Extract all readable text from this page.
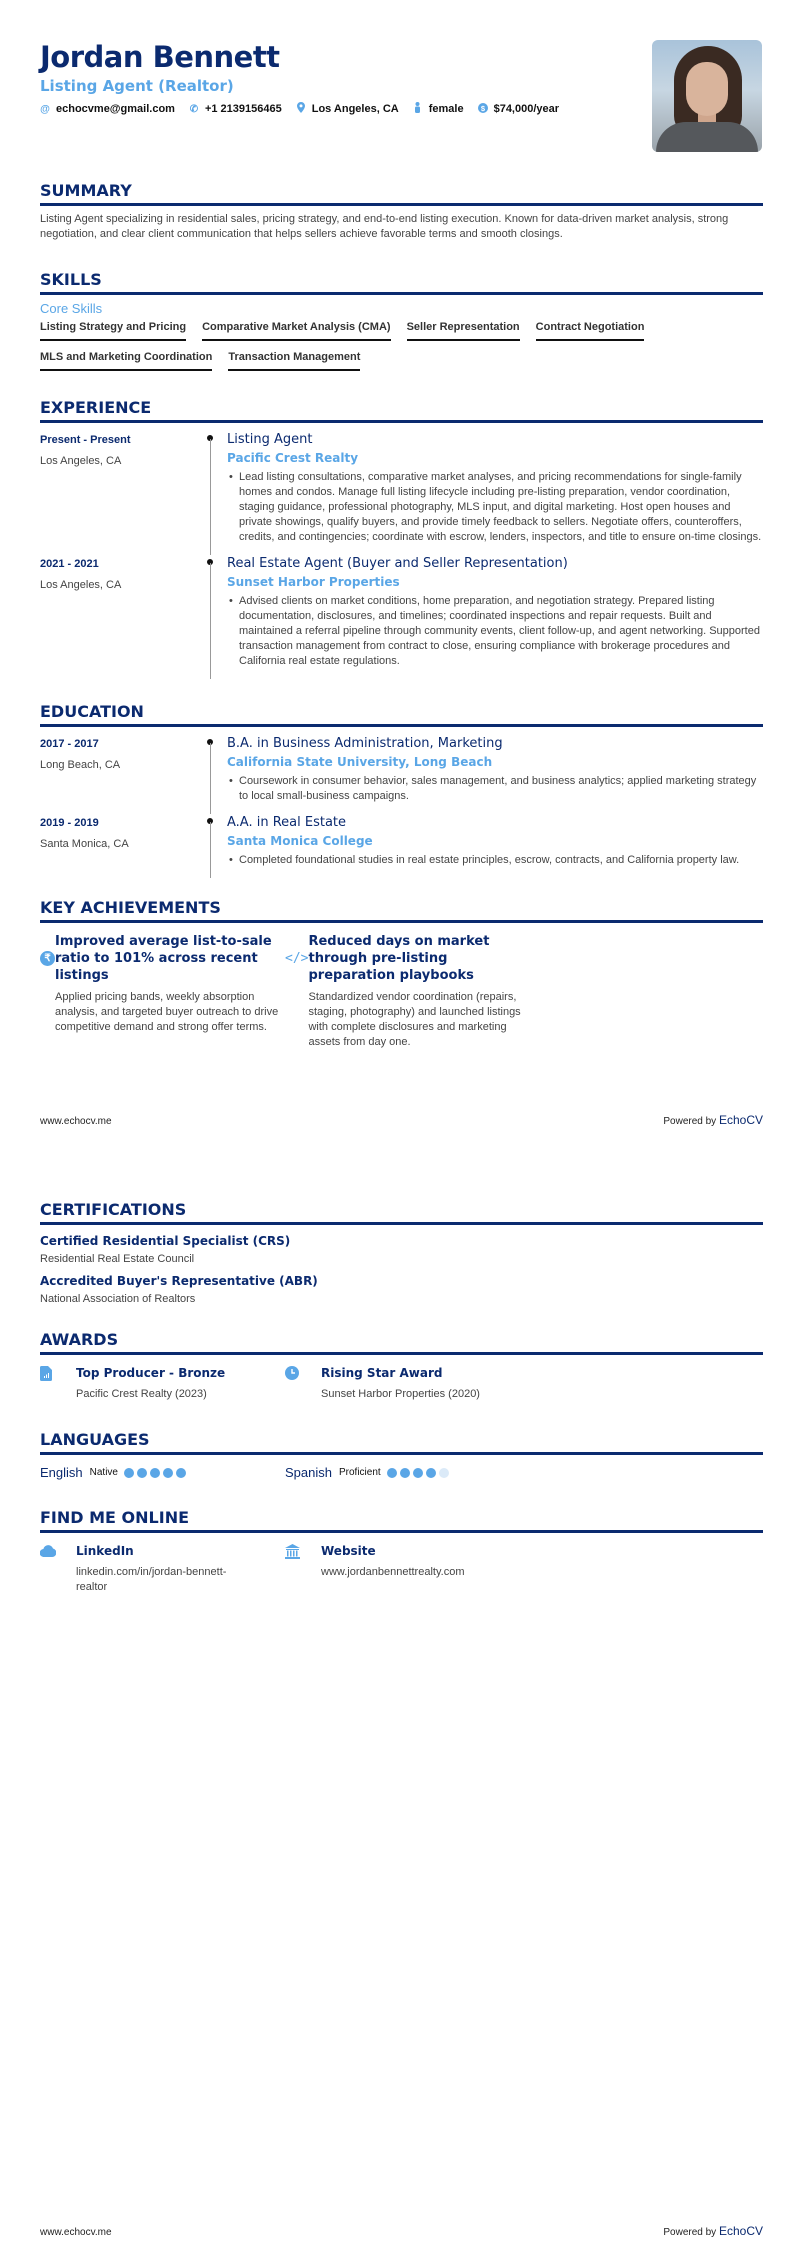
Jordan Bennett
Listing Agent (Realtor)
@ echocvme@gmail.com ✆ +1 2139156465	Los Angeles, CA	female $ $74,000/year
SUMMARY
Listing Agent specializing in residential sales, pricing strategy, and end-to-end listing execution. Known for data-driven market analysis, strong negotiation, and clear client communication that helps sellers achieve favorable terms and smooth closings.
SKILLS
Core Skills
Listing Strategy and Pricing Comparative Market Analysis (CMA) Seller Representation Contract Negotiation
MLS and Marketing Coordination Transaction Management
EXPERIENCE
Present - Present
Los Angeles, CA
Listing Agent
Pacific Crest Realty
• Lead listing consultations, comparative market analyses, and pricing recommendations for single-family homes and condos. Manage full listing lifecycle including pre-listing preparation, vendor coordination, staging guidance, professional photography, MLS input, and digital marketing. Host open houses and private showings, qualify buyers, and provide timely feedback to sellers. Negotiate offers, counteroffers, credits, and contingencies; coordinate with escrow, lenders, inspectors, and title to ensure on-time closings.
2021 - 2021
Los Angeles, CA
Real Estate Agent (Buyer and Seller Representation)
Sunset Harbor Properties
• Advised clients on market conditions, home preparation, and negotiation strategy. Prepared listing documentation, disclosures, and timelines; coordinated inspections and repair requests. Built and maintained a referral pipeline through community events, client follow-up, and agent networking. Supported transaction management from contract to close, ensuring compliance with brokerage procedures and California real estate regulations.
EDUCATION
2017 - 2017
Long Beach, CA
B.A. in Business Administration, Marketing
California State University, Long Beach
• Coursework in consumer behavior, sales management, and business analytics; applied marketing strategy to local small-business campaigns.
2019 - 2019
Santa Monica, CA
A.A. in Real Estate
Santa Monica College
• Completed foundational studies in real estate principles, escrow, contracts, and California property law.
KEY ACHIEVEMENTS
₹
Improved average list-to-sale ratio to 101% across recent listings
Applied pricing bands, weekly absorption analysis, and targeted buyer outreach to drive competitive demand and strong offer terms.
</>
Reduced days on market through pre-listing preparation playbooks
Standardized vendor coordination (repairs, staging, photography) and launched listings with complete disclosures and marketing assets from day one.
www.echocv.me	Powered by EchoCV
CERTIFICATIONS
Certified Residential Specialist (CRS)
Residential Real Estate Council
Accredited Buyer's Representative (ABR)
National Association of Realtors
AWARDS
Top Producer - Bronze
Pacific Crest Realty (2023)
Rising Star Award
Sunset Harbor Properties (2020)
LANGUAGES
English Native	Spanish Proficient
FIND ME ONLINE
LinkedIn
linkedin.com/in/jordan-bennett-realtor
Website
www.jordanbennettrealty.com
www.echocv.me	Powered by EchoCV
